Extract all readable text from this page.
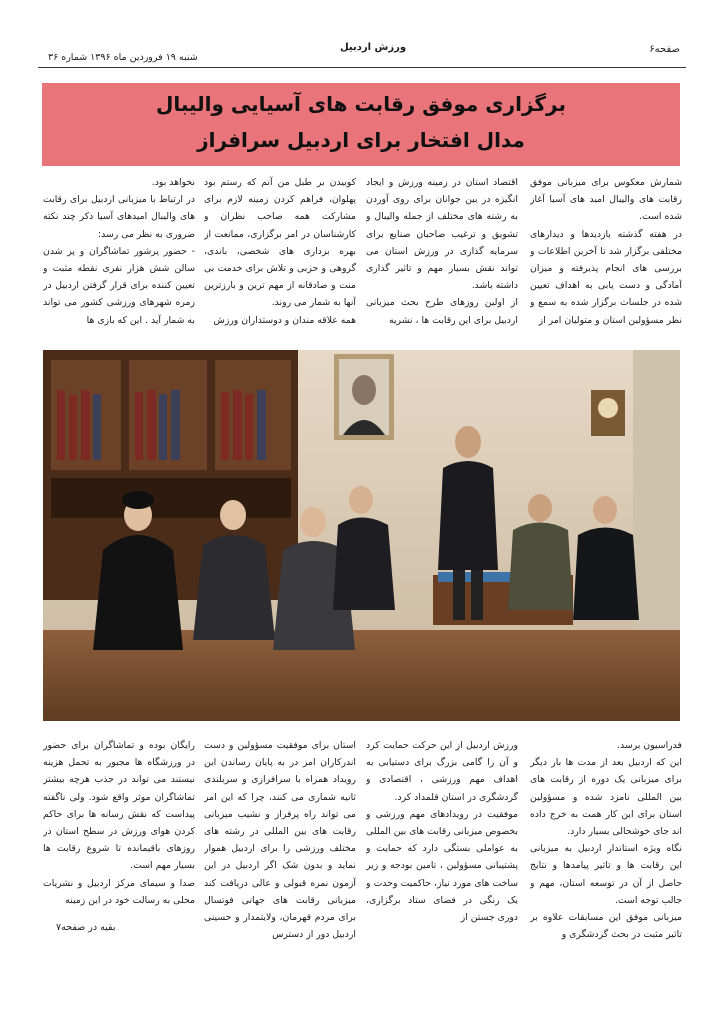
صفحه۶
ورزش اردبیل
شنبه ۱۹ فروردین ماه ۱۳۹۶ شماره ۳۶
برگزاری موفق رقابت های آسیایی والیبال
مدال افتخار برای اردبیل سرافراز

شمارش معکوس برای میزبانی موفق رقابت های والیبال امید های آسیا آغاز شده است.

در هفته گذشته بازدیدها و دیدارهای مختلفی برگزار شد تا آخرین اطلاعات و بررسی های انجام پذیرفته و میزان آمادگی و دست یابی به اهداف تعیین شده در جلسات برگزار شده به سمع و نظر مسؤولین استان و متولیان امر از

اقتصاد استان در زمینه ورزش و ایجاد انگیزه در بین جوانان برای روی آوردن به رشته های مختلف از جمله والیبال و تشویق و ترغیب صاحبان صنایع برای سرمایه گذاری در ورزش استان می تواند نقش بسیار مهم و تاثیر گذاری داشته باشد.

از اولین روزهای طرح بحث میزبانی اردبیل برای این رقابت ها ، نشریه

کوبیدن بر طبل من آنم که رستم بود پهلوان، فراهم کردن زمینه لازم برای مشارکت همه صاحب نظران و کارشناسان در امر برگزاری، ممانعت از بهره برداری های شخصی، باندی، گروهی و حزبی و تلاش برای خدمت بی منت و صادقانه از مهم ترین و بارزترین آنها به شمار می روند.

همه علاقه مندان و دوستداران ورزش

نخواهد بود.

در ارتباط با میزبانی اردبیل برای رقابت های والیبال امیدهای آسیا ذکر چند نکته ضروری به نظر می رسد:

- حضور پرشور تماشاگران و پر شدن سالن شش هزار نفری نقطه مثبت و تعیین کننده برای قرار گرفتن اردبیل در زمره شهرهای ورزشی کشور می تواند به شمار آید . این که بازی ها

فدراسیون برسد.

این که اردبیل بعد از مدت ها بار دیگر برای میزبانی یک دوره از رقابت های بین المللی نامزد شده و مسؤولین استان برای این کار همت به خرج داده اند جای خوشحالی بسیار دارد.

نگاه ویژه استاندار اردبیل به میزبانی این رقابت ها و تاثیر پیامدها و نتایج حاصل از آن در توسعه استان، مهم و جالب توجه است.

میزبانی موفق این مسابقات علاوه بر تاثیر مثبت در بحث گردشگری و

ورزش اردبیل از این حرکت حمایت کرد و آن را گامی بزرگ برای دستیابی به اهداف مهم ورزشی ، اقتصادی و گردشگری در استان قلمداد کرد.

موفقیت در رویدادهای مهم ورزشی و بخصوص میزبانی رقابت های بین المللی به عواملی بستگی دارد که حمایت و پشتیبانی مسؤولین ، تامین بودجه و زیر ساخت های مورد نیاز، حاکمیت وحدت و یک رنگی در فضای ستاد برگزاری، دوری جستن از

استان برای موفقیت مسؤولین و دست اندرکاران امر در به پایان رساندن این رویداد همراه با سرافرازی و سربلندی ثانیه شماری می کنند، چرا که این امر می تواند راه پرفراز و نشیب میزبانی رقابت های بین المللی در رشته های مختلف ورزشی را برای اردبیل هموار نماید و بدون شک اگر اردبیل در این آزمون نمره قبولی و عالی دریافت کند میزبانی رقابت های جهانی فوتسال برای مردم قهرمان، ولایتمدار و حسینی اردبیل دور از دسترس

رایگان بوده و تماشاگران برای حضور در ورزشگاه ها مجبور به تحمل هزینه نیستند می تواند در جذب هرچه بیشتر تماشاگران موثر واقع شود. ولی ناگفته پیداست که نقش رسانه ها برای حاکم کردن هوای ورزش در سطح استان در روزهای باقیمانده تا شروع رقابت ها بسیار مهم است.

صدا و سیمای مرکز اردبیل و نشریات محلی به رسالت خود در این زمینه

بقیه در صفحه۷
